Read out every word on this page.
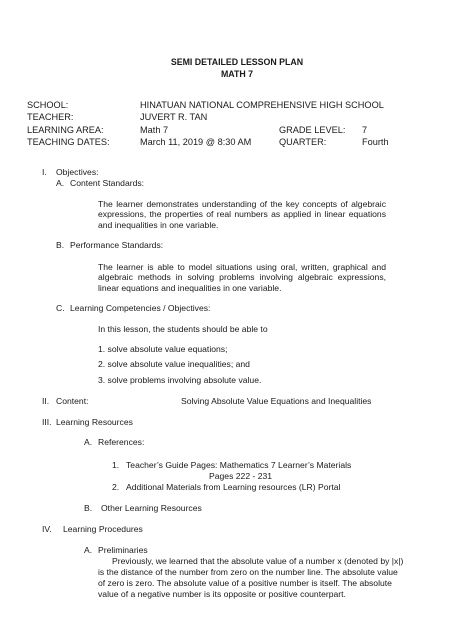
SEMI DETAILED LESSON PLAN
MATH 7
SCHOOL:	HINATUAN NATIONAL COMPREHENSIVE HIGH SCHOOL
TEACHER:	JUVERT R. TAN
LEARNING AREA:	Math 7	GRADE LEVEL: 7
TEACHING DATES:	March 11, 2019 @ 8:30 AM	QUARTER:	Fourth
I. Objectives:
A. Content Standards:
The learner demonstrates understanding of the key concepts of algebraic expressions, the properties of real numbers as applied in linear equations and inequalities in one variable.
B. Performance Standards:
The learner is able to model situations using oral, written, graphical and algebraic methods in solving problems involving algebraic expressions, linear equations and inequalities in one variable.
C. Learning Competencies / Objectives:
In this lesson, the students should be able to
1. solve absolute value equations;
2. solve absolute value inequalities; and
3. solve problems involving absolute value.
II. Content:	Solving Absolute Value Equations and Inequalities
III. Learning Resources
A. References:
1. Teacher’s Guide Pages: Mathematics 7 Learner’s Materials
Pages 222 - 231
2. Additional Materials from Learning resources (LR) Portal
B. Other Learning Resources
IV. Learning Procedures
A. Preliminaries
Previously, we learned that the absolute value of a number x (denoted by |x|)
is the distance of the number from zero on the number line. The absolute value
of zero is zero. The absolute value of a positive number is itself. The absolute
value of a negative number is its opposite or positive counterpart.
